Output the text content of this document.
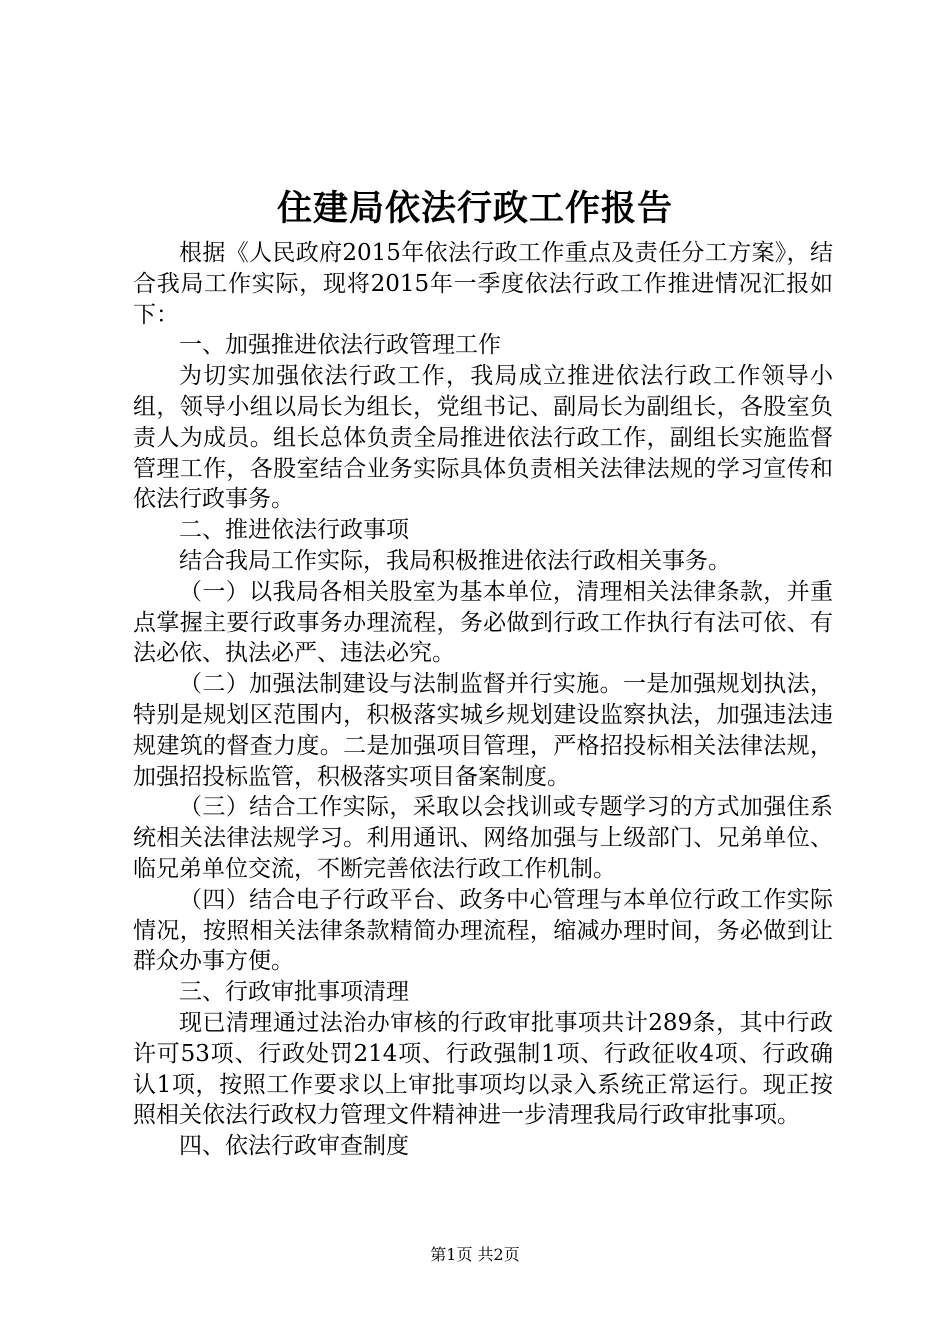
住建局依法行政工作报告

根据《人民政府2015年依法行政工作重点及责任分工方案》，结合我局工作实际，现将2015年一季度依法行政工作推进情况汇报如下：

一、加强推进依法行政管理工作

为切实加强依法行政工作，我局成立推进依法行政工作领导小组，领导小组以局长为组长，党组书记、副局长为副组长，各股室负责人为成员。组长总体负责全局推进依法行政工作，副组长实施监督管理工作，各股室结合业务实际具体负责相关法律法规的学习宣传和依法行政事务。

二、推进依法行政事项

结合我局工作实际，我局积极推进依法行政相关事务。

（一）以我局各相关股室为基本单位，清理相关法律条款，并重点掌握主要行政事务办理流程，务必做到行政工作执行有法可依、有法必依、执法必严、违法必究。

（二）加强法制建设与法制监督并行实施。一是加强规划执法，特别是规划区范围内，积极落实城乡规划建设监察执法，加强违法违规建筑的督查力度。二是加强项目管理，严格招投标相关法律法规，加强招投标监管，积极落实项目备案制度。

（三）结合工作实际，采取以会找训或专题学习的方式加强住系统相关法律法规学习。利用通讯、网络加强与上级部门、兄弟单位、临兄弟单位交流，不断完善依法行政工作机制。

（四）结合电子行政平台、政务中心管理与本单位行政工作实际情况，按照相关法律条款精简办理流程，缩减办理时间，务必做到让群众办事方便。

三、行政审批事项清理

现已清理通过法治办审核的行政审批事项共计289条，其中行政许可53项、行政处罚214项、行政强制1项、行政征收4项、行政确认1项，按照工作要求以上审批事项均以录入系统正常运行。现正按照相关依法行政权力管理文件精神进一步清理我局行政审批事项。

四、依法行政审查制度

第1页 共2页
